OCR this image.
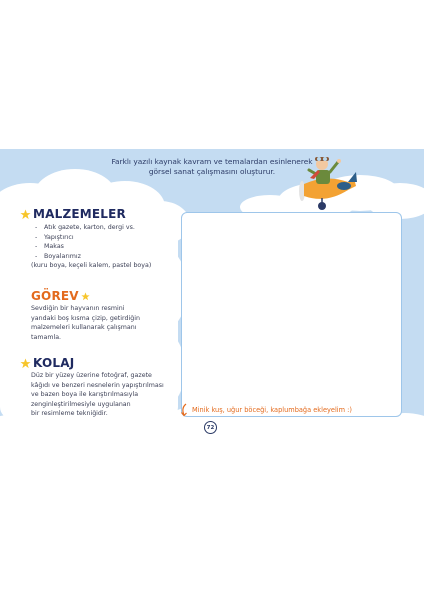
Farklı yazılı kaynak kavram ve temalardan esinlenerek
görsel sanat çalışmasını oluşturur.
MALZEMELER
- Atık gazete, karton, dergi vs.
- Yapıştırıcı
- Makas
- Boyalarımız
(kuru boya, keçeli kalem, pastel boya)
GÖREV
Sevdiğin bir hayvanın resmini
yandaki boş kısma çizip, getirdiğin
malzemeleri kullanarak çalışmanı
tamamla.
KOLAJ
Düz bir yüzey üzerine fotoğraf, gazete
kâğıdı ve benzeri nesnelerin yapıştırılması
ve bazen boya ile karıştırılmasıyla
zenginleştirilmesiyle uygulanan
bir resimleme tekniğidir.	Minik kuş, uğur böceği, kaplumbağa ekleyelim :)
72
